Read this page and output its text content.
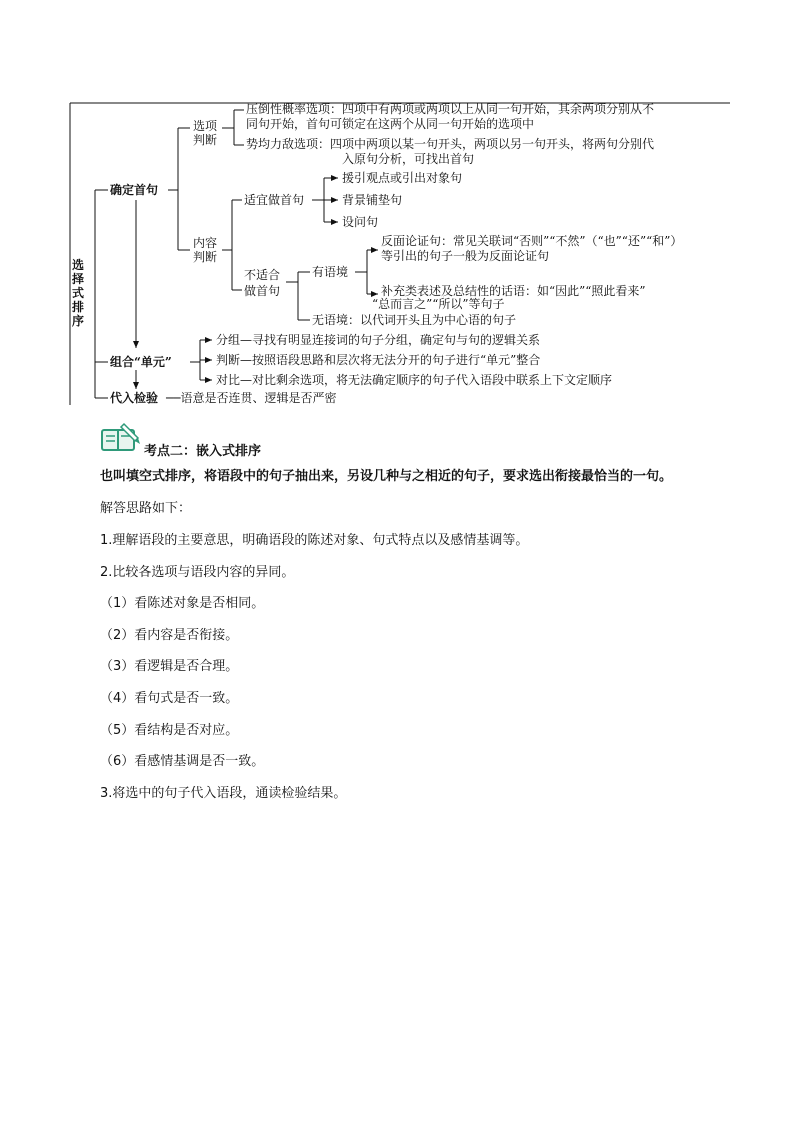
选择式排序
确定首句
组合“单元”
代入检验 ──语意是否连贯、逻辑是否严密
选项判断
压倒性概率选项：四项中有两项或两项以上从同一句开始，其余两项分别从不
同句开始，首句可锁定在这两个从同一句开始的选项中
势均力敌选项：四项中两项以某一句开头，两项以另一句开头，将两句分别代
入原句分析，可找出首句
内容判断
适宜做首句
援引观点或引出对象句
背景铺垫句
设问句
不适合
做首句
有语境
反面论证句：常见关联词“否则”“不然”（“也”“还”“和”）
等引出的句子一般为反面论证句
补充类表述及总结性的话语：如“因此”“照此看来”
“总而言之”“所以”等句子
无语境：以代词开头且为中心语的句子
分组—寻找有明显连接词的句子分组，确定句与句的逻辑关系
判断—按照语段思路和层次将无法分开的句子进行“单元”整合
对比—对比剩余选项，将无法确定顺序的句子代入语段中联系上下文定顺序
考点二：嵌入式排序
也叫填空式排序，将语段中的句子抽出来，另设几种与之相近的句子，要求选出衔接最恰当的一句。
解答思路如下：
1.理解语段的主要意思，明确语段的陈述对象、句式特点以及感情基调等。
2.比较各选项与语段内容的异同。
（1）看陈述对象是否相同。
（2）看内容是否衔接。
（3）看逻辑是否合理。
（4）看句式是否一致。
（5）看结构是否对应。
（6）看感情基调是否一致。
3.将选中的句子代入语段，通读检验结果。
